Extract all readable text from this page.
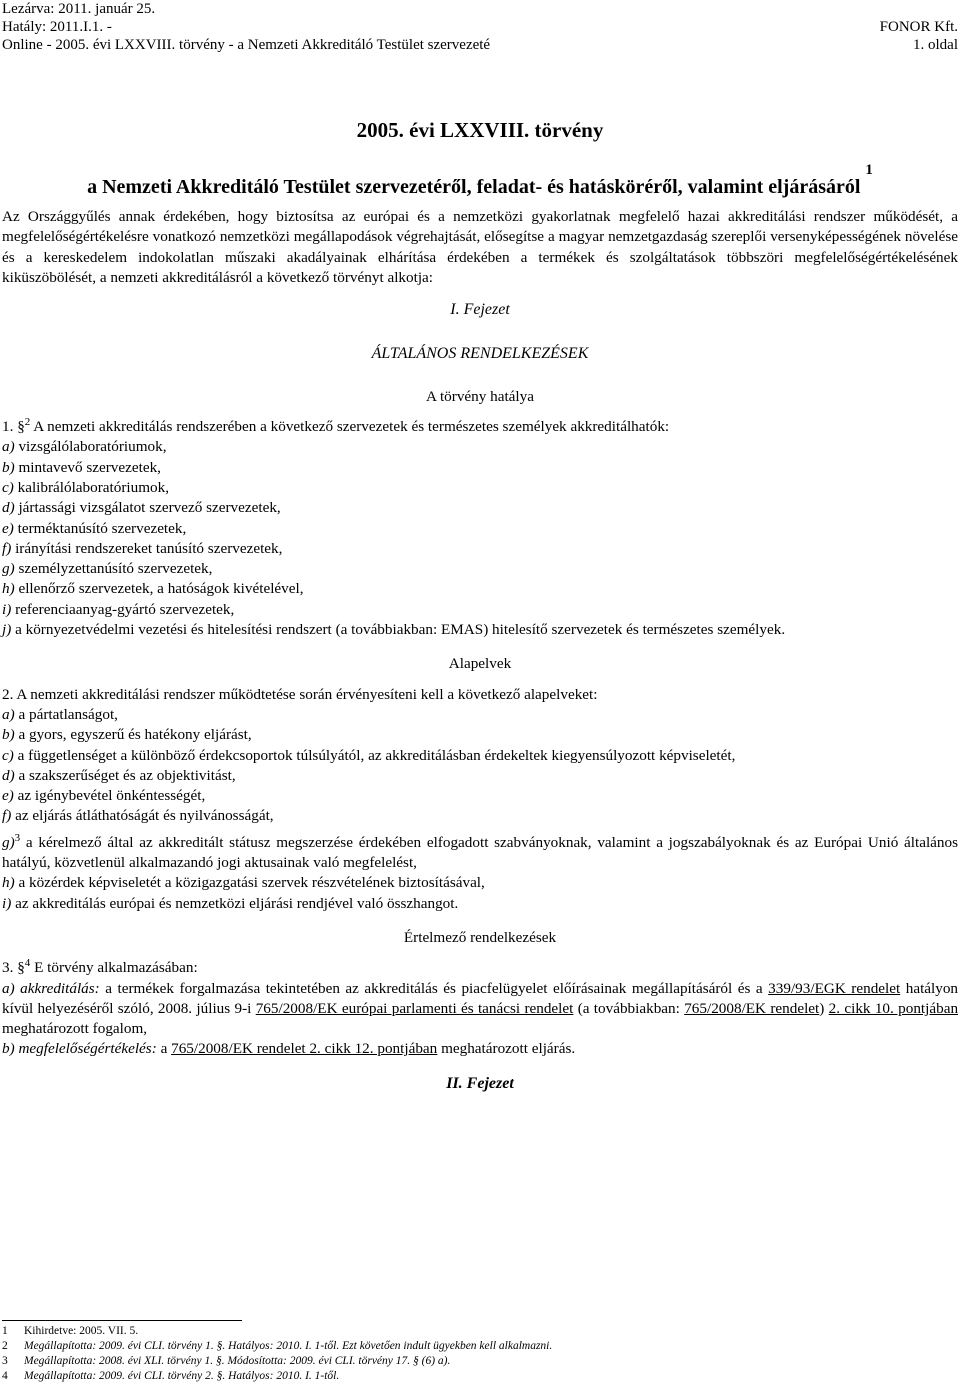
Lezárva: 2011. január 25.
Hatály: 2011.I.1. -
Online - 2005. évi LXXVIII. törvény - a Nemzeti Akkreditáló Testület szervezeté
FONOR Kft.
1. oldal
2005. évi LXXVIII. törvény
a Nemzeti Akkreditáló Testület szervezetéről, feladat- és hatásköréről, valamint eljárásáról $^1$

Az Országgyűlés annak érdekében, hogy biztosítsa az európai és a nemzetközi gyakorlatnak megfelelő hazai akkreditálási rendszer működését, a megfelelőségértékelésre vonatkozó nemzetközi megállapodások végrehajtását, elősegítse a magyar nemzetgazdaság szereplői versenyképességének növelése és a kereskedelem indokolatlan műszaki akadályainak elhárítása érdekében a termékek és szolgáltatások többszöri megfelelőségértékelésének kiküszöbölését, a nemzeti akkreditálásról a következő törvényt alkotja:

I. Fejezet

ÁLTALÁNOS RENDELKEZÉSEK

A törvény hatálya

1. §$^2$ A nemzeti akkreditálás rendszerében a következő szervezetek és természetes személyek akkreditálhatók:

a) vizsgálólaboratóriumok,

b) mintavevő szervezetek,

c) kalibrálólaboratóriumok,

d) jártassági vizsgálatot szervező szervezetek,

e) terméktanúsító szervezetek,

f) irányítási rendszereket tanúsító szervezetek,

g) személyzettanúsító szervezetek,

h) ellenőrző szervezetek, a hatóságok kivételével,

i) referenciaanyag-gyártó szervezetek,

j) a környezetvédelmi vezetési és hitelesítési rendszert (a továbbiakban: EMAS) hitelesítő szervezetek és természetes személyek.

Alapelvek

2. A nemzeti akkreditálási rendszer működtetése során érvényesíteni kell a következő alapelveket:

a) a pártatlanságot,

b) a gyors, egyszerű és hatékony eljárást,

c) a függetlenséget a különböző érdekcsoportok túlsúlyától, az akkreditálásban érdekeltek kiegyensúlyozott képviseletét,

d) a szakszerűséget és az objektivitást,

e) az igénybevétel önkéntességét,

f) az eljárás átláthatóságát és nyilvánosságát,

g)$^3$ a kérelmező által az akkreditált státusz megszerzése érdekében elfogadott szabványoknak, valamint a jogszabályoknak és az Európai Unió általános hatályú, közvetlenül alkalmazandó jogi aktusainak való megfelelést,

h) a közérdek képviseletét a közigazgatási szervek részvételének biztosításával,

i) az akkreditálás európai és nemzetközi eljárási rendjével való összhangot.

Értelmező rendelkezések

3. §$^4$ E törvény alkalmazásában:

a) akkreditálás: a termékek forgalmazása tekintetében az akkreditálás és piacfelügyelet előírásainak megállapításáról és a 339/93/EGK rendelet hatályon kívül helyezéséről szóló, 2008. július 9-i 765/2008/EK európai parlamenti és tanácsi rendelet (a továbbiakban: 765/2008/EK rendelet) 2. cikk 10. pontjában meghatározott fogalom,

b) megfelelőségértékelés: a 765/2008/EK rendelet 2. cikk 12. pontjában meghatározott eljárás.

II. Fejezet

1 Kihirdetve: 2005. VII. 5.
2 Megállapította: 2009. évi CLI. törvény 1. §. Hatályos: 2010. I. 1-től. Ezt követően indult ügyekben kell alkalmazni.
3 Megállapította: 2008. évi XLI. törvény 1. §. Módosította: 2009. évi CLI. törvény 17. § (6) a).
4 Megállapította: 2009. évi CLI. törvény 2. §. Hatályos: 2010. I. 1-től.
